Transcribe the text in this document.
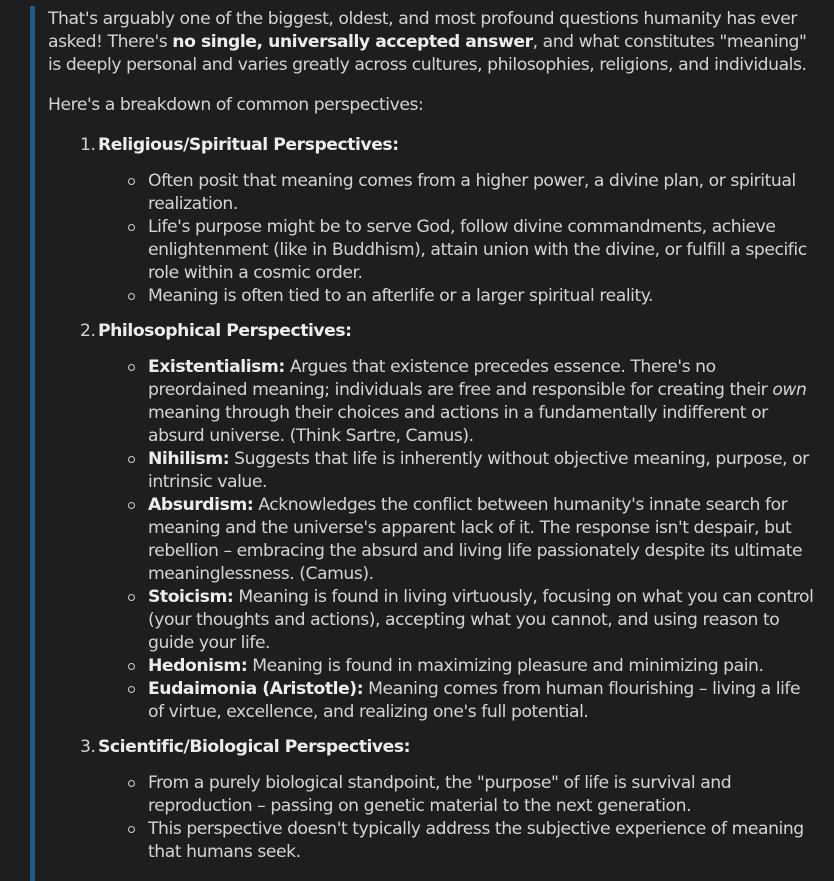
That's arguably one of the biggest, oldest, and most profound questions humanity has ever asked! There's no single, universally accepted answer, and what constitutes "meaning" is deeply personal and varies greatly across cultures, philosophies, religions, and individuals.

Here's a breakdown of common perspectives:

1. Religious/Spiritual Perspectives:
Often posit that meaning comes from a higher power, a divine plan, or spiritual realization.
Life's purpose might be to serve God, follow divine commandments, achieve enlightenment (like in Buddhism), attain union with the divine, or fulfill a specific role within a cosmic order.
Meaning is often tied to an afterlife or a larger spiritual reality.
2. Philosophical Perspectives:
Existentialism: Argues that existence precedes essence. There's no preordained meaning; individuals are free and responsible for creating their own meaning through their choices and actions in a fundamentally indifferent or absurd universe. (Think Sartre, Camus).
Nihilism: Suggests that life is inherently without objective meaning, purpose, or intrinsic value.
Absurdism: Acknowledges the conflict between humanity's innate search for meaning and the universe's apparent lack of it. The response isn't despair, but rebellion – embracing the absurd and living life passionately despite its ultimate meaninglessness. (Camus).
Stoicism: Meaning is found in living virtuously, focusing on what you can control (your thoughts and actions), accepting what you cannot, and using reason to guide your life.
Hedonism: Meaning is found in maximizing pleasure and minimizing pain.
Eudaimonia (Aristotle): Meaning comes from human flourishing – living a life of virtue, excellence, and realizing one's full potential.
3. Scientific/Biological Perspectives:
From a purely biological standpoint, the "purpose" of life is survival and reproduction – passing on genetic material to the next generation.
This perspective doesn't typically address the subjective experience of meaning that humans seek.
